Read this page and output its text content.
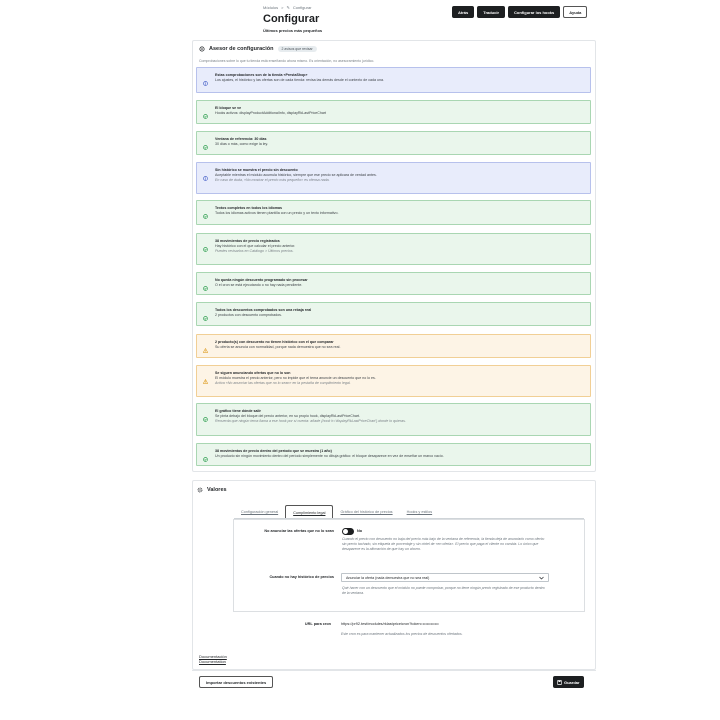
Módulos > ✎ Configurar
Configurar
Últimos precios más pequeños
Atrás	Traducir	Configurar los hooks	Ayuda
Asesor de configuración	2 avisos que revisar
Comprobaciones sobre lo que tu tienda está enseñando ahora mismo. Es orientación, no asesoramiento jurídico.
Estas comprobaciones son de la tienda «PrestaShop»
Los ajustes, el histórico y las ofertas son de cada tienda: revisa las demás desde el contexto de cada una.
El bloque se ve
Hooks activos: displayProductAdditionalInfo, displayRkLastPriceChart
Ventana de referencia: 30 días
30 días o más, como exige la ley.
Sin histórico se muestra el precio sin descuento
Aceptable mientras el módulo acumula histórico, siempre que ese precio se aplicara de verdad antes.
En caso de duda, «No mostrar el precio más pequeño» es ofensa nada.
Textos completos en todos los idiomas
Todos los idiomas activos tienen plantilla con un precio y un texto informativo.
38 movimientos de precio registrados
Hay histórico con el que calcular el precio anterior.
Puedes revisarlos en Catálogo > Últimos precios.
No queda ningún descuento programado sin procesar
O el cron se está ejecutando o no hay nada pendiente.
Todos los descuentos comprobados son una rebaja real
2 productos con descuento comprobados.
2 producto(s) con descuento no tienen histórico con el que comparar
Su oferta se anuncia con normalidad, porque nada demuestra que no sea real.
Se siguen anunciando ofertas que no lo son
El módulo muestra el precio anterior, pero no impide que el tema anuncie un descuento que no lo es.
Activa «No anunciar las ofertas que no lo sean» en la pestaña de cumplimiento legal.
El gráfico tiene dónde salir
Se pinta debajo del bloque del precio anterior, en su propio hook, displayRkLastPriceChart.
Recuerda que ningún tema llama a ese hook por sí cuenta: añade {hook h='displayRkLastPriceChart'} donde lo quieras.
38 movimientos de precio dentro del período que se muestra (1 año)
Un producto sin ningún movimiento dentro del período simplemente no dibuja gráfico: el bloque desaparece en vez de enseñar un marco vacío.
Valores
Configuración general	Cumplimiento legal	Gráfico del histórico de precios	Hooks y estilos
No anunciar las ofertas que no lo sean	No
Cuando el precio con descuento no baja del precio más bajo de la ventana de referencia, la tienda deja de anunciarlo como oferta: sin precio tachado, sin etiqueta de porcentaje y sin cintel de «en oferta». El precio que paga el cliente no cambia. Lo único que desaparece es la afirmación de que hay un ahorro.
Cuando no hay histórico de precios	Anunciar la oferta (nada demuestra que no sea real)
Qué hacer con un descuento que el módulo no puede comprobar, porque no tiene ningún precio registrado de ese producto dentro de la ventana.
URL para cron	https://pr92.test/modules/rklastpriceicron?token=••••••••••••
Este cron es para mantener actualizados los precios de descuentos ofertados.
Documentación
Documentation
Importar descuentos existentes	Guardar
